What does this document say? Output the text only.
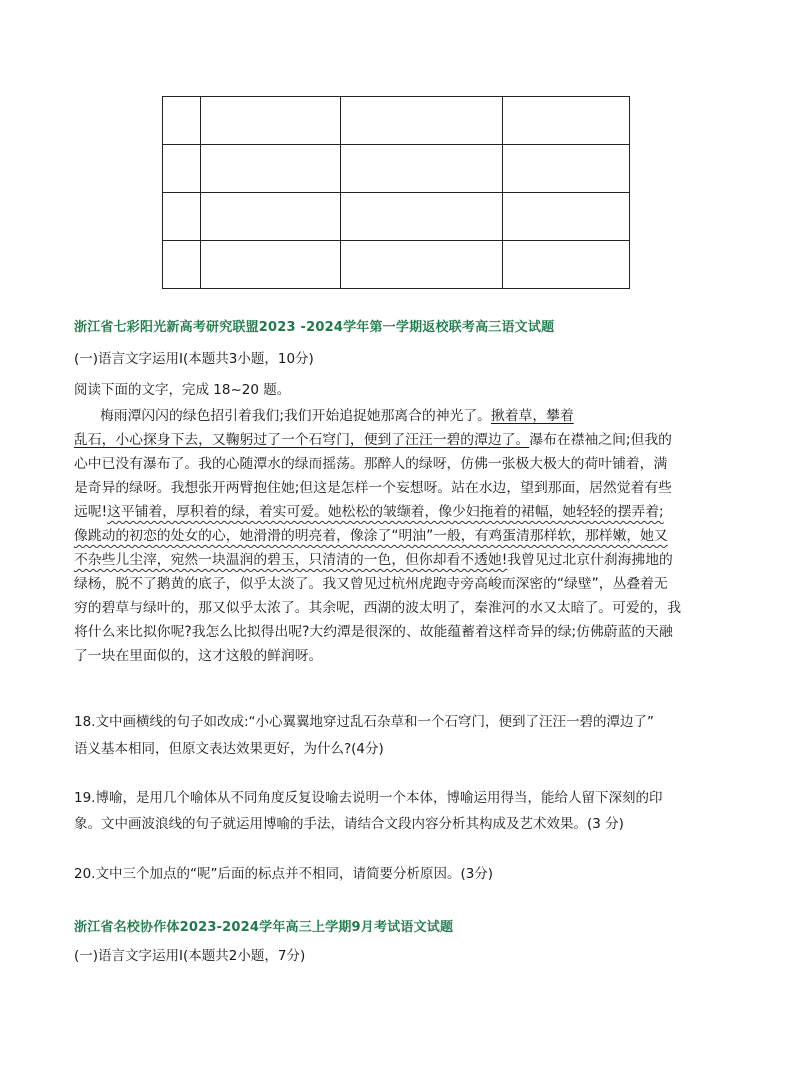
浙江省七彩阳光新高考研究联盟2023 -2024学年第一学期返校联考高三语文试题
(一)语言文字运用Ⅰ(本题共3小题，10分)
阅读下面的文字，完成 18~20 题。
梅雨潭闪闪的绿色招引着我们;我们开始追捉她那离合的神光了。揪着草，攀着
乱石，小心探身下去，又鞠躬过了一个石穹门，便到了汪汪一碧的潭边了。瀑布在襟袖之间;但我的
心中已没有瀑布了。我的心随潭水的绿而摇荡。那醉人的绿呀，仿佛一张极大极大的荷叶铺着，满
是奇异的绿呀。我想张开两臂抱住她;但这是怎样一个妄想呀。站在水边，望到那面，居然觉着有些
远呢!这平铺着，厚积着的绿，着实可爱。她松松的皱缬着，像少妇拖着的裙幅，她轻轻的摆弄着;
像跳动的初恋的处女的心，她滑滑的明亮着，像涂了“明油”一般，有鸡蛋清那样软，那样嫩，她又
不杂些儿尘滓，宛然一块温润的碧玉，只清清的一色，但你却看不透她!我曾见过北京什刹海拂地的
绿杨，脱不了鹅黄的底子，似乎太淡了。我又曾见过杭州虎跑寺旁高峻而深密的“绿壁”，丛叠着无
穷的碧草与绿叶的，那又似乎太浓了。其余呢，西湖的波太明了，秦淮河的水又太暗了。可爱的，我
将什么来比拟你呢?我怎么比拟得出呢?大约潭是很深的、故能蕴蓄着这样奇异的绿;仿佛蔚蓝的天融
了一块在里面似的，这才这般的鲜润呀。
18.文中画横线的句子如改成:“小心翼翼地穿过乱石杂草和一个石穹门，便到了汪汪一碧的潭边了”
语义基本相同，但原文表达效果更好，为什么?(4分)
19.博喻，是用几个喻体从不同角度反复设喻去说明一个本体，博喻运用得当，能给人留下深刻的印
象。文中画波浪线的句子就运用博喻的手法，请结合文段内容分析其构成及艺术效果。(3 分)
20.文中三个加点的“呢”后面的标点并不相同，请简要分析原因。(3分)
浙江省名校协作体2023-2024学年高三上学期9月考试语文试题
(一)语言文字运用Ⅰ(本题共2小题，7分)
